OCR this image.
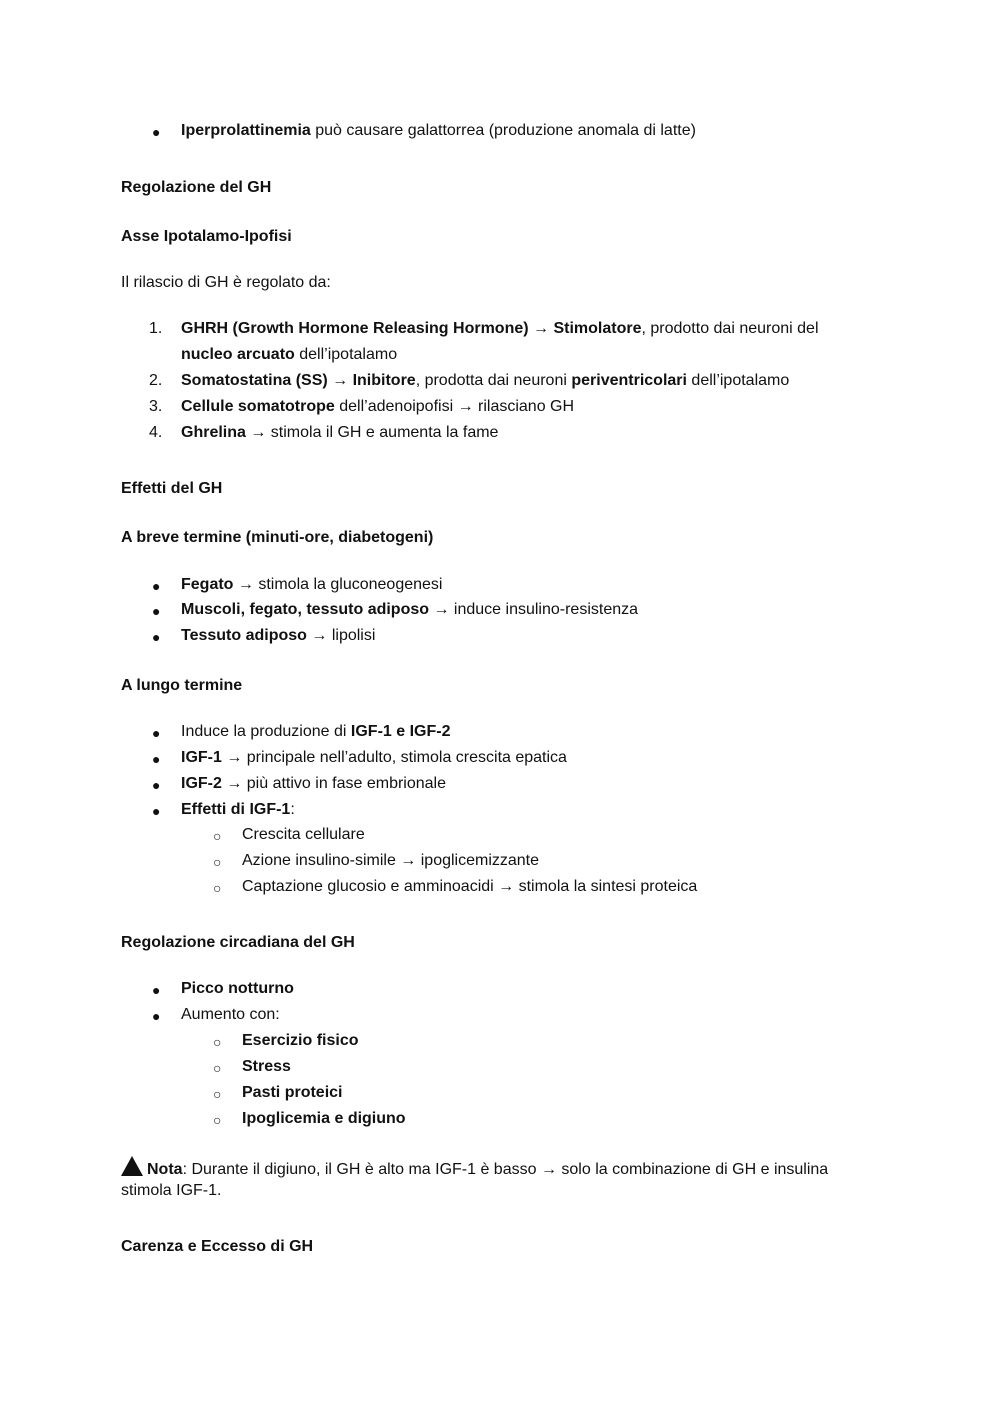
● Iperprolattinemia può causare galattorrea (produzione anomala di latte)
Regolazione del GH
Asse Ipotalamo-Ipofisi
Il rilascio di GH è regolato da:
1. GHRH (Growth Hormone Releasing Hormone) → Stimolatore, prodotto dai neuroni del
nucleo arcuato dell’ipotalamo
2. Somatostatina (SS) → Inibitore, prodotta dai neuroni periventricolari dell’ipotalamo
3. Cellule somatotrope dell’adenoipofisi → rilasciano GH
4. Ghrelina → stimola il GH e aumenta la fame
Effetti del GH
A breve termine (minuti-ore, diabetogeni)
● Fegato → stimola la gluconeogenesi
● Muscoli, fegato, tessuto adiposo → induce insulino-resistenza
● Tessuto adiposo → lipolisi
A lungo termine
● Induce la produzione di IGF-1 e IGF-2
● IGF-1 → principale nell’adulto, stimola crescita epatica
● IGF-2 → più attivo in fase embrionale
● Effetti di IGF-1:
○ Crescita cellulare
○ Azione insulino-simile → ipoglicemizzante
○ Captazione glucosio e amminoacidi → stimola la sintesi proteica
Regolazione circadiana del GH
● Picco notturno
● Aumento con:
○ Esercizio fisico
○ Stress
○ Pasti proteici
○ Ipoglicemia e digiuno
Nota: Durante il digiuno, il GH è alto ma IGF-1 è basso → solo la combinazione di GH e insulina
stimola IGF-1.
Carenza e Eccesso di GH
